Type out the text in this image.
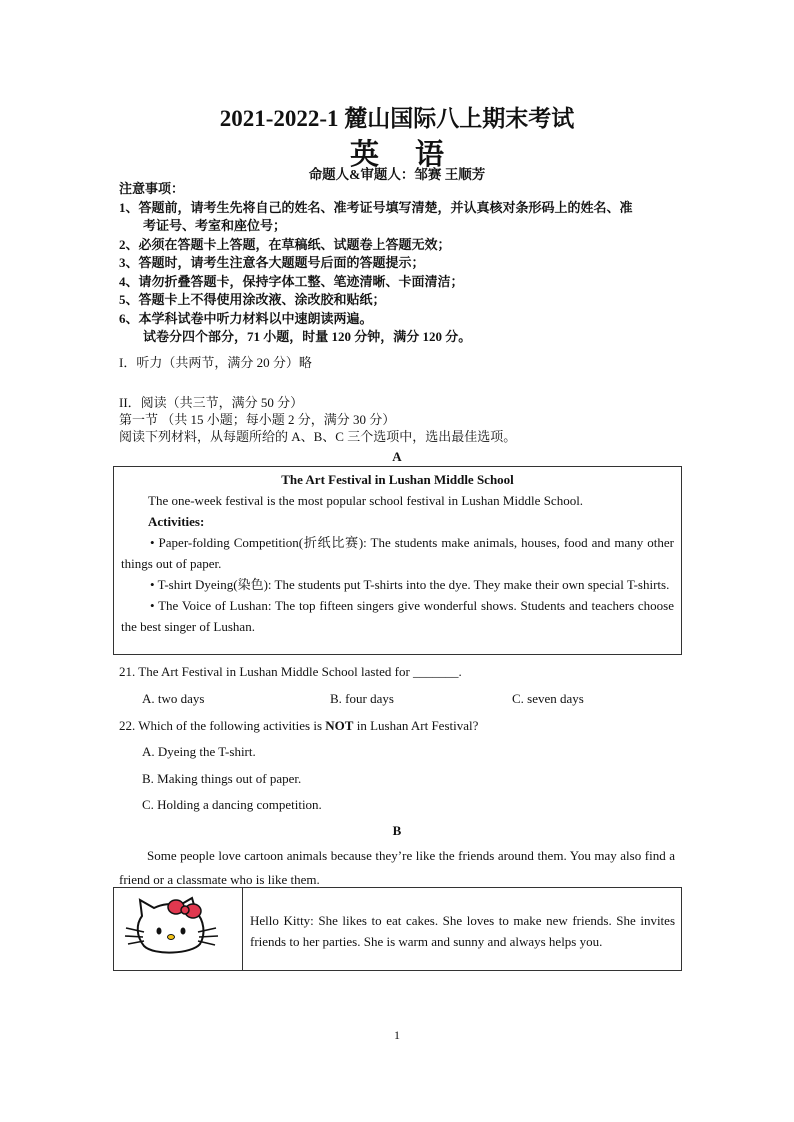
2021-2022-1 麓山国际八上期末考试
英语
命题人&审题人：邹赛 王顺芳
注意事项：
1、答题前，请考生先将自己的姓名、准考证号填写清楚，并认真核对条形码上的姓名、准
考证号、考室和座位号；
2、必须在答题卡上答题，在草稿纸、试题卷上答题无效；
3、答题时，请考生注意各大题题号后面的答题提示；
4、请勿折叠答题卡，保持字体工整、笔迹清晰、卡面清洁；
5、答题卡上不得使用涂改液、涂改胶和贴纸；
6、本学科试卷中听力材料以中速朗读两遍。
试卷分四个部分，71 小题，时量 120 分钟，满分 120 分。
I．听力（共两节，满分 20 分）略
II．阅读（共三节，满分 50 分）
第一节 （共 15 小题；每小题 2 分，满分 30 分）
阅读下列材料，从每题所给的 A、B、C 三个选项中，选出最佳选项。
A
The Art Festival in Lushan Middle School
The one-week festival is the most popular school festival in Lushan Middle School.
Activities:
• Paper-folding Competition(折纸比赛): The students make animals, houses, food and many other things out of paper.
• T-shirt Dyeing(染色): The students put T-shirts into the dye. They make their own special T-shirts.
• The Voice of Lushan: The top fifteen singers give wonderful shows. Students and teachers choose the best singer of Lushan.
21. The Art Festival in Lushan Middle School lasted for _______.
A. two days	B. four days	C. seven days
22. Which of the following activities is NOT in Lushan Art Festival?
A. Dyeing the T-shirt.
B. Making things out of paper.
C. Holding a dancing competition.
B
Some people love cartoon animals because they’re like the friends around them. You may also find a friend or a classmate who is like them.
Hello Kitty: She likes to eat cakes. She loves to make new friends. She invites friends to her parties. She is warm and sunny and always helps you.
1
